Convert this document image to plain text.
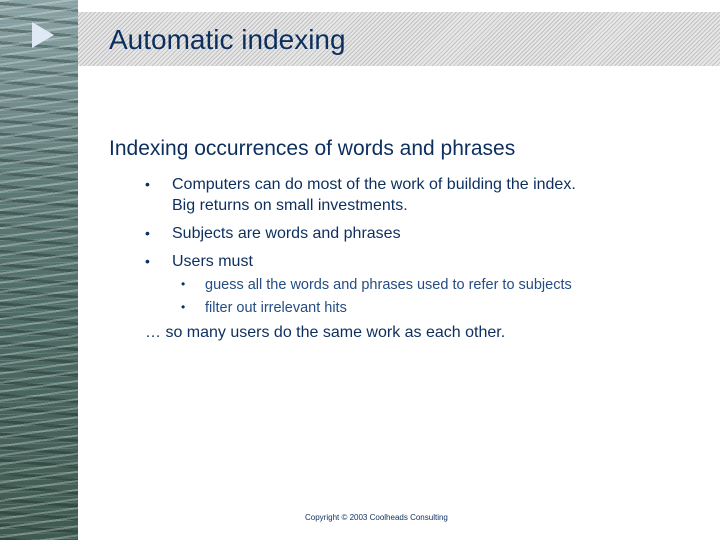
Automatic indexing
Indexing occurrences of words and phrases
• Computers can do most of the work of building the index.
Big returns on small investments.
• Subjects are words and phrases
• Users must
• guess all the words and phrases used to refer to subjects
• filter out irrelevant hits

… so many users do the same work as each other.

Copyright © 2003 Coolheads Consulting
